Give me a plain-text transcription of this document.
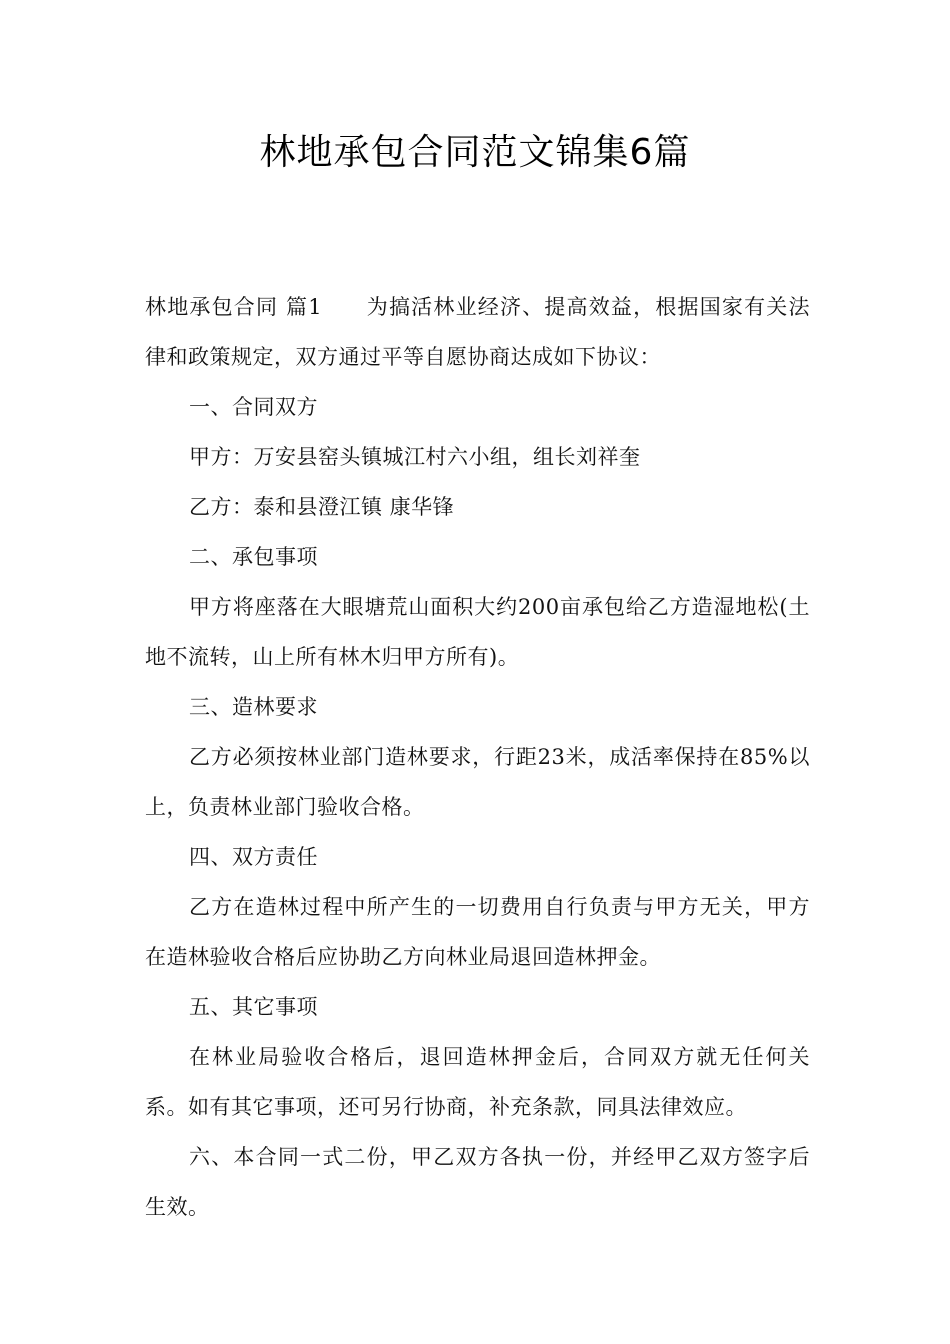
林地承包合同范文锦集6篇

林地承包合同 篇1 为搞活林业经济、提高效益，根据国家有关法律和政策规定，双方通过平等自愿协商达成如下协议：

一、合同双方

甲方：万安县窑头镇城江村六小组，组长刘祥奎

乙方：泰和县澄江镇 康华锋

二、承包事项

甲方将座落在大眼塘荒山面积大约200亩承包给乙方造湿地松(土地不流转，山上所有林木归甲方所有)。

三、造林要求

乙方必须按林业部门造林要求，行距23米，成活率保持在85%以上，负责林业部门验收合格。

四、双方责任

乙方在造林过程中所产生的一切费用自行负责与甲方无关，甲方在造林验收合格后应协助乙方向林业局退回造林押金。

五、其它事项

在林业局验收合格后，退回造林押金后，合同双方就无任何关系。如有其它事项，还可另行协商，补充条款，同具法律效应。

六、本合同一式二份，甲乙双方各执一份，并经甲乙双方签字后生效。
